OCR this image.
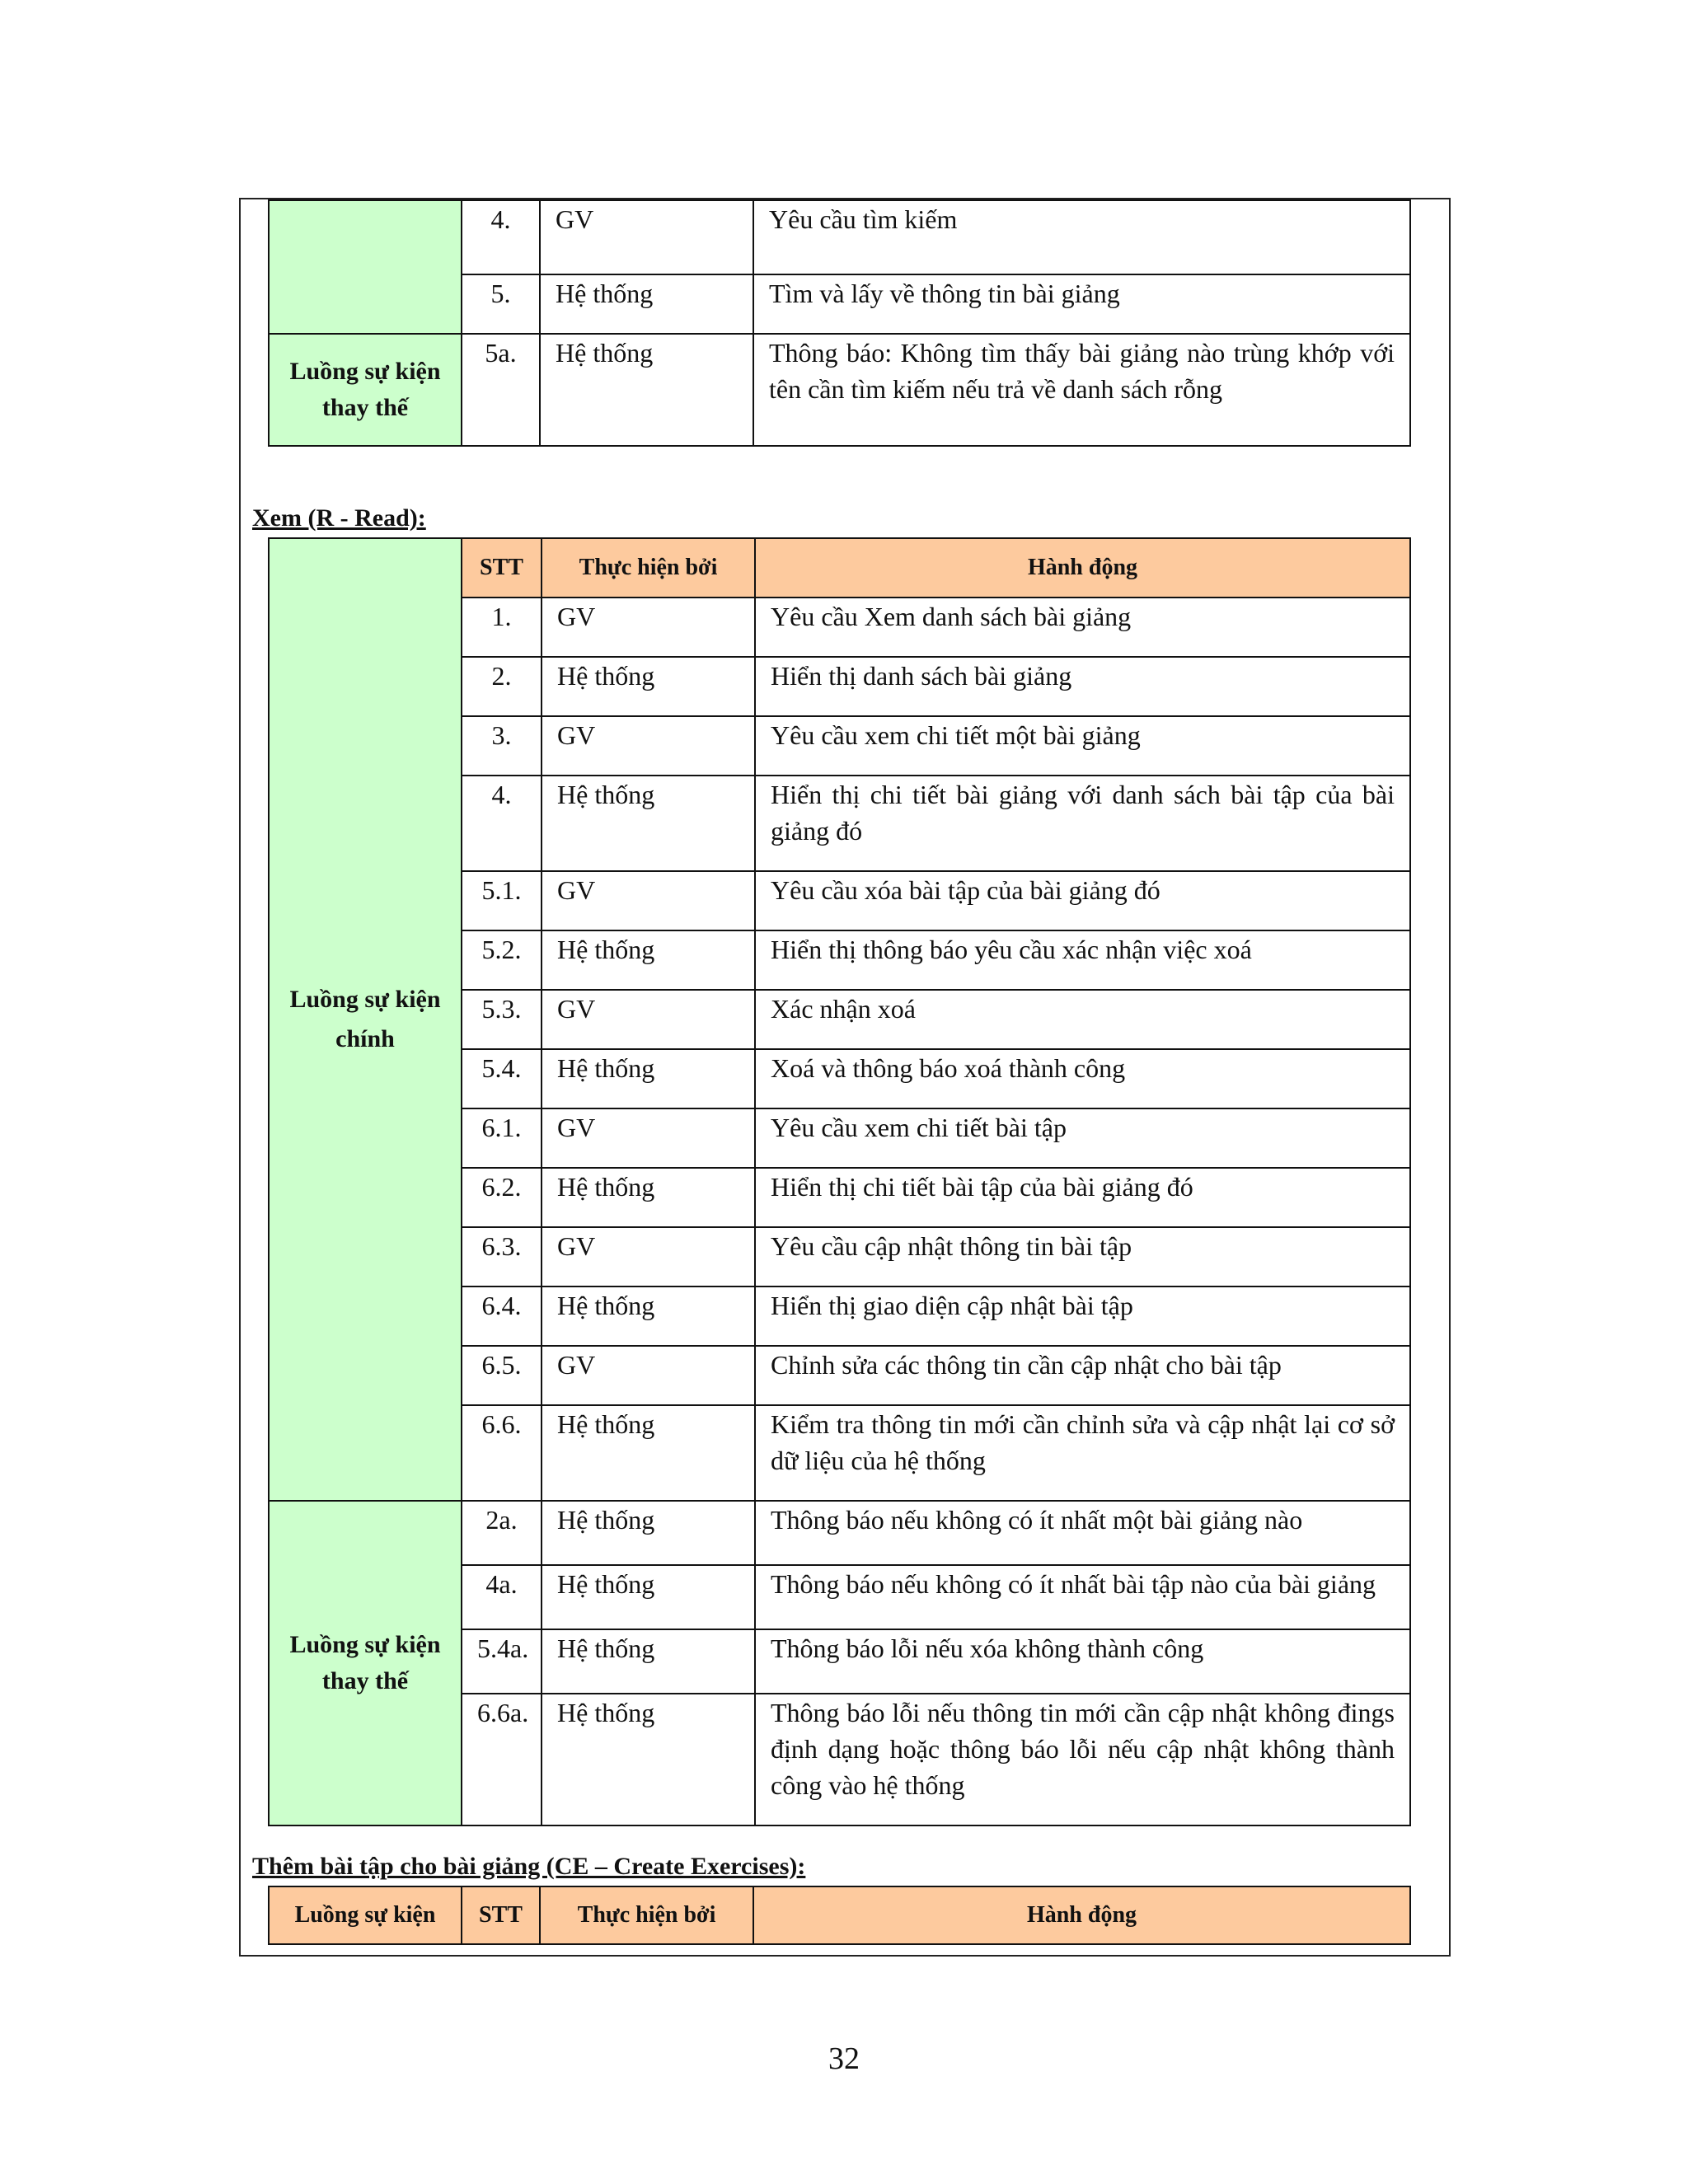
	4.	GV	Yêu cầu tìm kiếm
	5.	Hệ thống	Tìm và lấy về thông tin bài giảng

Luồng sự kiện
thay thế	5a.	Hệ thống	Thông báo: Không tìm thấy bài giảng nào trùng khớp với tên cần tìm kiếm nếu trả về danh sách rỗng
Xem (R - Read):
Luồng sự kiện
chính	STT	Thực hiện bởi	Hành động
	1.	GV	Yêu cầu Xem danh sách bài giảng
	2.	Hệ thống	Hiển thị danh sách bài giảng
	3.	GV	Yêu cầu xem chi tiết một bài giảng
	4.	Hệ thống	Hiển thị chi tiết bài giảng với danh sách bài tập của bài giảng đó
	5.1.	GV	Yêu cầu xóa bài tập của bài giảng đó
	5.2.	Hệ thống	Hiển thị thông báo yêu cầu xác nhận việc xoá
	5.3.	GV	Xác nhận xoá
	5.4.	Hệ thống	Xoá và thông báo xoá thành công
	6.1.	GV	Yêu cầu xem chi tiết bài tập
	6.2.	Hệ thống	Hiển thị chi tiết bài tập của bài giảng đó
	6.3.	GV	Yêu cầu cập nhật thông tin bài tập
	6.4.	Hệ thống	Hiển thị giao diện cập nhật bài tập
	6.5.	GV	Chỉnh sửa các thông tin cần cập nhật cho bài tập
	6.6.	Hệ thống	Kiểm tra thông tin mới cần chỉnh sửa và cập nhật lại cơ sở dữ liệu của hệ thống

Luồng sự kiện
thay thế	2a.	Hệ thống	Thông báo nếu không có ít nhất một bài giảng nào
	4a.	Hệ thống	Thông báo nếu không có ít nhất bài tập nào của bài giảng
	5.4a.	Hệ thống	Thông báo lỗi nếu xóa không thành công
	6.6a.	Hệ thống	Thông báo lỗi nếu thông tin mới cần cập nhật không đings định dạng hoặc thông báo lỗi nếu cập nhật không thành công vào hệ thống
Thêm bài tập cho bài giảng (CE – Create Exercises):
Luồng sự kiện	STT	Thực hiện bởi	Hành động
32
